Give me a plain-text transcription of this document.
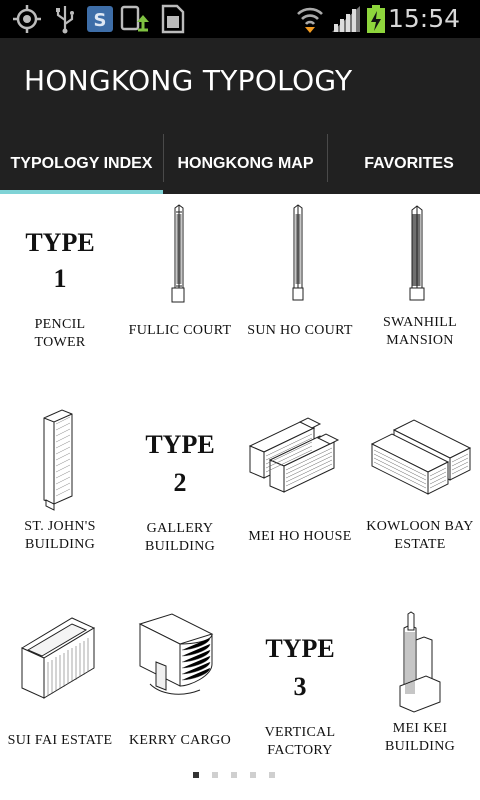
S	15:54
HONGKONG TYPOLOGY
TYPOLOGY INDEX HONGKONG MAP	FAVORITES
TYPE
1
PENCIL
TOWER
FULLIC COURT	SUN HO COURT
SWANHILL
MANSION
ST. JOHN'S
BUILDING
TYPE
2
GALLERY
BUILDING
MEI HO HOUSE
KOWLOON BAY
ESTATE
SUI FAI ESTATE	KERRY CARGO
TYPE
3
VERTICAL
FACTORY
MEI KEI
BUILDING
